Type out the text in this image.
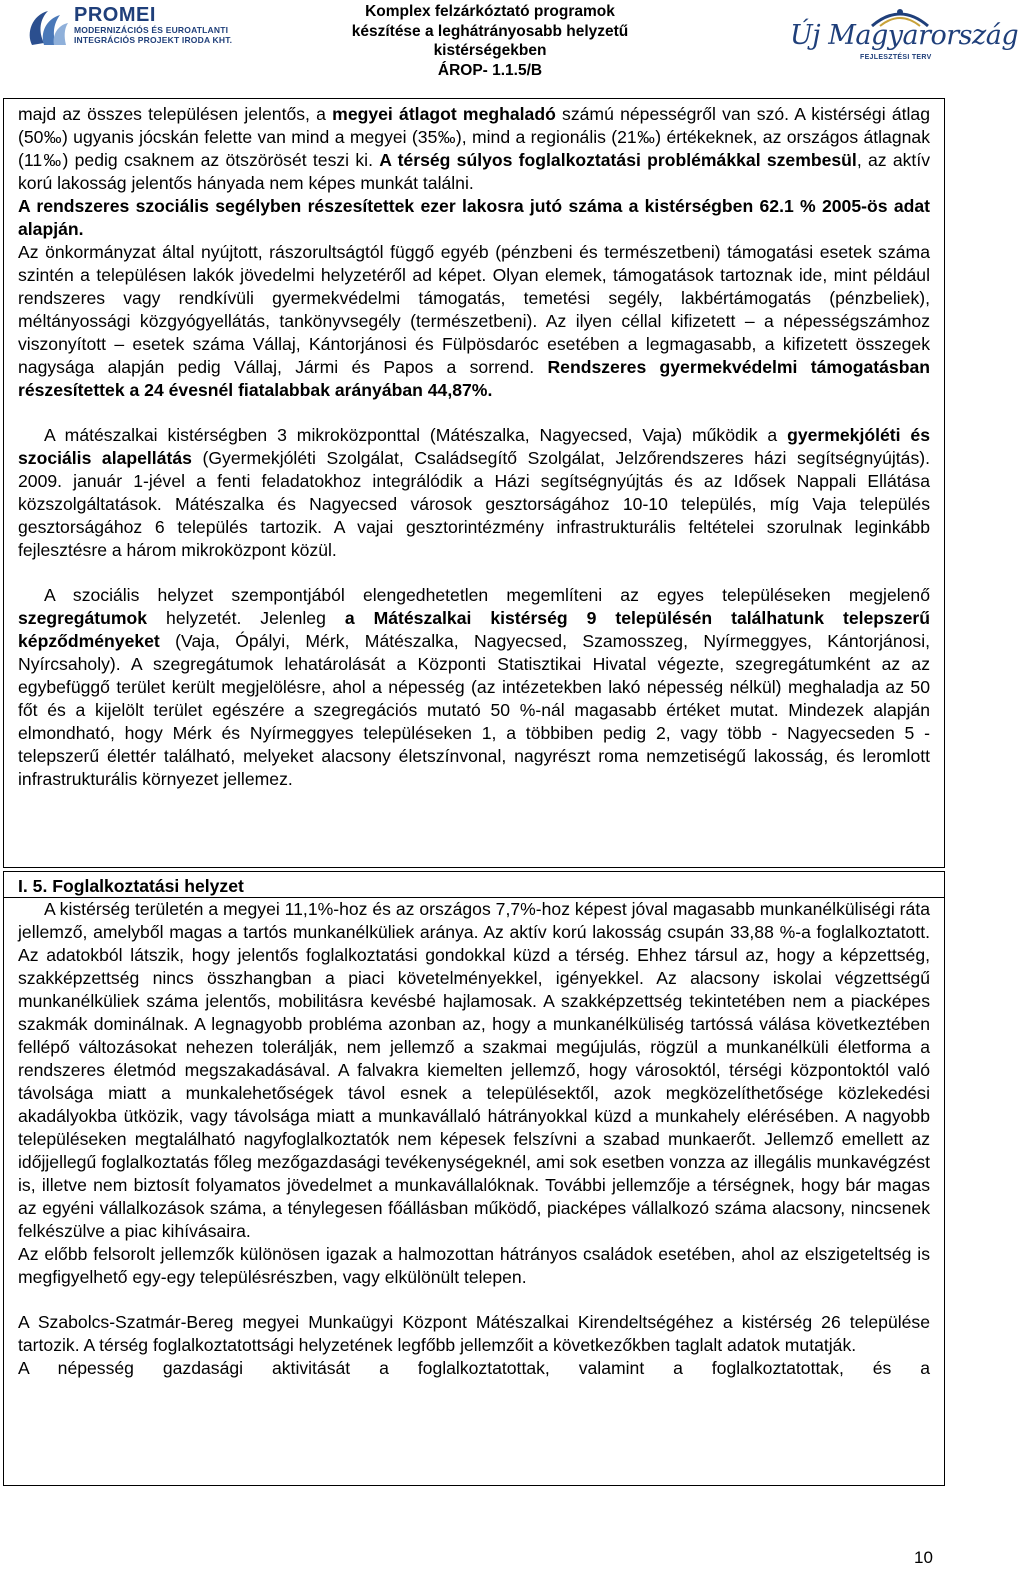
PROMEI
MODERNIZÁCIÓS ÉS EUROATLANTI
INTEGRÁCIÓS PROJEKT IRODA KHT.
Komplex felzárkóztató programok
készítése a leghátrányosabb helyzetű
kistérségekben
ÁROP- 1.1.5/B
Új Magyarország
FEJLESZTÉSI TERV

majd az összes településen jelentős, a megyei átlagot meghaladó számú népességről van szó. A kistérségi átlag (50‰) ugyanis jócskán felette van mind a megyei (35‰), mind a regionális (21‰) értékeknek, az országos átlagnak (11‰) pedig csaknem az ötszörösét teszi ki. A térség súlyos foglalkoztatási problémákkal szembesül, az aktív korú lakosság jelentős hányada nem képes munkát találni.

A rendszeres szociális segélyben részesítettek ezer lakosra jutó száma a kistérségben 62.1 % 2005-ös adat alapján.

Az önkormányzat által nyújtott, rászorultságtól függő egyéb (pénzbeni és természetbeni) támogatási esetek száma szintén a településen lakók jövedelmi helyzetéről ad képet. Olyan elemek, támogatások tartoznak ide, mint például rendszeres vagy rendkívüli gyermekvédelmi támogatás, temetési segély, lakbértámogatás (pénzbeliek), méltányossági közgyógyellátás, tankönyvsegély (természetbeni). Az ilyen céllal kifizetett – a népességszámhoz viszonyított – esetek száma Vállaj, Kántorjánosi és Fülpösdaróc esetében a legmagasabb, a kifizetett összegek nagysága alapján pedig Vállaj, Jármi és Papos a sorrend. Rendszeres gyermekvédelmi támogatásban részesítettek a 24 évesnél fiatalabbak arányában 44,87%.

A mátészalkai kistérségben 3 mikroközponttal (Mátészalka, Nagyecsed, Vaja) működik a gyermekjóléti és szociális alapellátás (Gyermekjóléti Szolgálat, Családsegítő Szolgálat, Jelzőrendszeres házi segítségnyújtás). 2009. január 1-jével a fenti feladatokhoz integrálódik a Házi segítségnyújtás és az Idősek Nappali Ellátása közszolgáltatások. Mátészalka és Nagyecsed városok gesztorságához 10-10 település, míg Vaja település gesztorságához 6 település tartozik. A vajai gesztorintézmény infrastrukturális feltételei szorulnak leginkább fejlesztésre a három mikroközpont közül.

A szociális helyzet szempontjából elengedhetetlen megemlíteni az egyes településeken megjelenő szegregátumok helyzetét. Jelenleg a Mátészalkai kistérség 9 településén találhatunk telepszerű képződményeket (Vaja, Ópályi, Mérk, Mátészalka, Nagyecsed, Szamosszeg, Nyírmeggyes, Kántorjánosi, Nyírcsaholy). A szegregátumok lehatárolását a Központi Statisztikai Hivatal végezte, szegregátumként az az egybefüggő terület került megjelölésre, ahol a népesség (az intézetekben lakó népesség nélkül) meghaladja az 50 főt és a kijelölt terület egészére a szegregációs mutató 50 %-nál magasabb értéket mutat. Mindezek alapján elmondható, hogy Mérk és Nyírmeggyes településeken 1, a többiben pedig 2, vagy több - Nagyecseden 5 - telepszerű élettér található, melyeket alacsony életszínvonal, nagyrészt roma nemzetiségű lakosság, és leromlott infrastrukturális környezet jellemez.

I. 5. Foglalkoztatási helyzet

A kistérség területén a megyei 11,1%-hoz és az országos 7,7%-hoz képest jóval magasabb munkanélküliségi ráta jellemző, amelyből magas a tartós munkanélküliek aránya. Az aktív korú lakosság csupán 33,88 %-a foglalkoztatott. Az adatokból látszik, hogy jelentős foglalkoztatási gondokkal küzd a térség. Ehhez társul az, hogy a képzettség, szakképzettség nincs összhangban a piaci követelményekkel, igényekkel. Az alacsony iskolai végzettségű munkanélküliek száma jelentős, mobilitásra kevésbé hajlamosak. A szakképzettség tekintetében nem a piacképes szakmák dominálnak. A legnagyobb probléma azonban az, hogy a munkanélküliség tartóssá válása következtében fellépő változásokat nehezen tolerálják, nem jellemző a szakmai megújulás, rögzül a munkanélküli életforma a rendszeres életmód megszakadásával. A falvakra kiemelten jellemző, hogy városoktól, térségi központoktól való távolsága miatt a munkalehetőségek távol esnek a településektől, azok megközelíthetősége közlekedési akadályokba ütközik, vagy távolsága miatt a munkavállaló hátrányokkal küzd a munkahely elérésében. A nagyobb településeken megtalálható nagyfoglalkoztatók nem képesek felszívni a szabad munkaerőt. Jellemző emellett az időjjellegű foglalkoztatás főleg mezőgazdasági tevékenységeknél, ami sok esetben vonzza az illegális munkavégzést is, illetve nem biztosít folyamatos jövedelmet a munkavállalóknak. További jellemzője a térségnek, hogy bár magas az egyéni vállalkozások száma, a ténylegesen főállásban működő, piacképes vállalkozó száma alacsony, nincsenek felkészülve a piac kihívásaira.

Az előbb felsorolt jellemzők különösen igazak a halmozottan hátrányos családok esetében, ahol az elszigeteltség is megfigyelhető egy-egy településrészben, vagy elkülönült telepen.

A Szabolcs-Szatmár-Bereg megyei Munkaügyi Központ Mátészalkai Kirendeltségéhez a kistérség 26 települése tartozik. A térség foglalkoztatottsági helyzetének legfőbb jellemzőit a következőkben taglalt adatok mutatják.

A népesség gazdasági aktivitását a foglalkoztatottak, valamint a foglalkoztatottak, és a

10
